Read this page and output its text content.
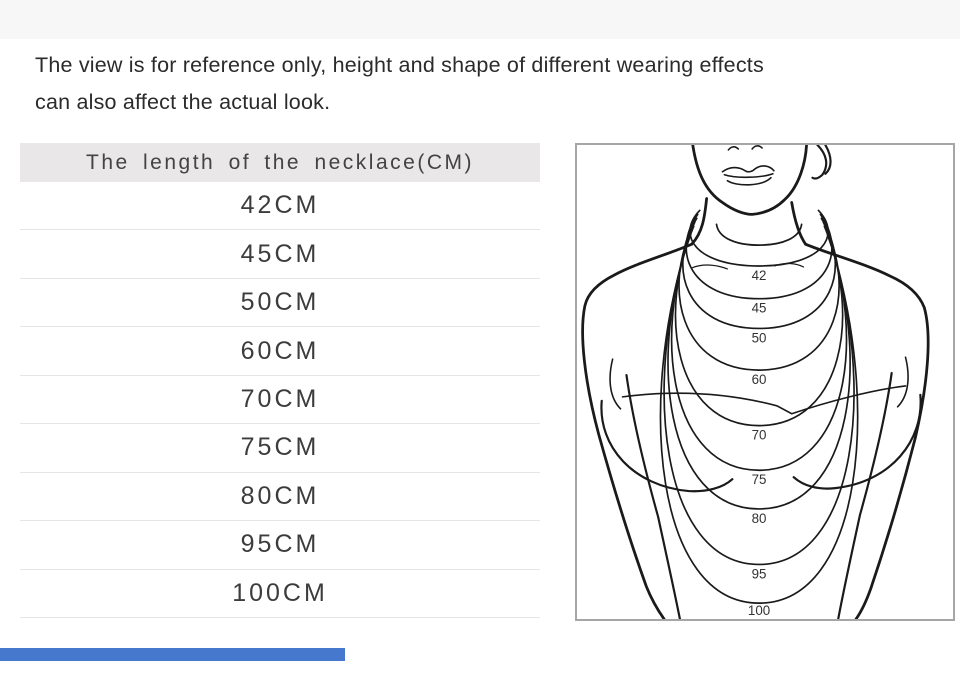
The view is for reference only, height and shape of different wearing effects
can also affect the actual look.
The length of the necklace(CM)
42CM
45CM
50CM
60CM
70CM
75CM
80CM
95CM
100CM
42
45
50
60
70
75
80
95
100
